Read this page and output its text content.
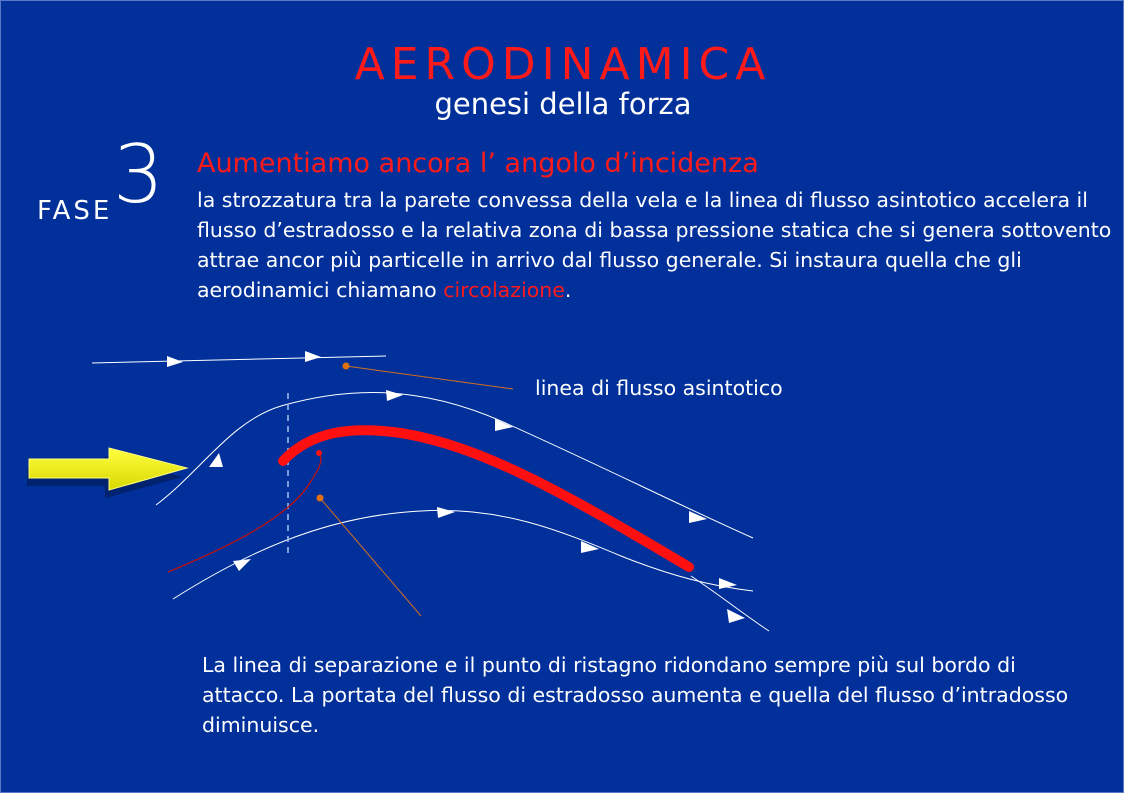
AERODINAMICA
genesi della forza
FASE 3 Aumentiamo ancora l’ angolo d’incidenza
la strozzatura tra la parete convessa della vela e la linea di flusso asintotico accelera il flusso d’estradosso e la relativa zona di bassa pressione statica che si genera sottovento attrae ancor più particelle in arrivo dal flusso generale. Si instaura quella che gli aerodinamici chiamano circolazione.
linea di flusso asintotico
La linea di separazione e il punto di ristagno ridondano sempre più sul bordo di attacco. La portata del flusso di estradosso aumenta e quella del flusso d’intradosso diminuisce.
